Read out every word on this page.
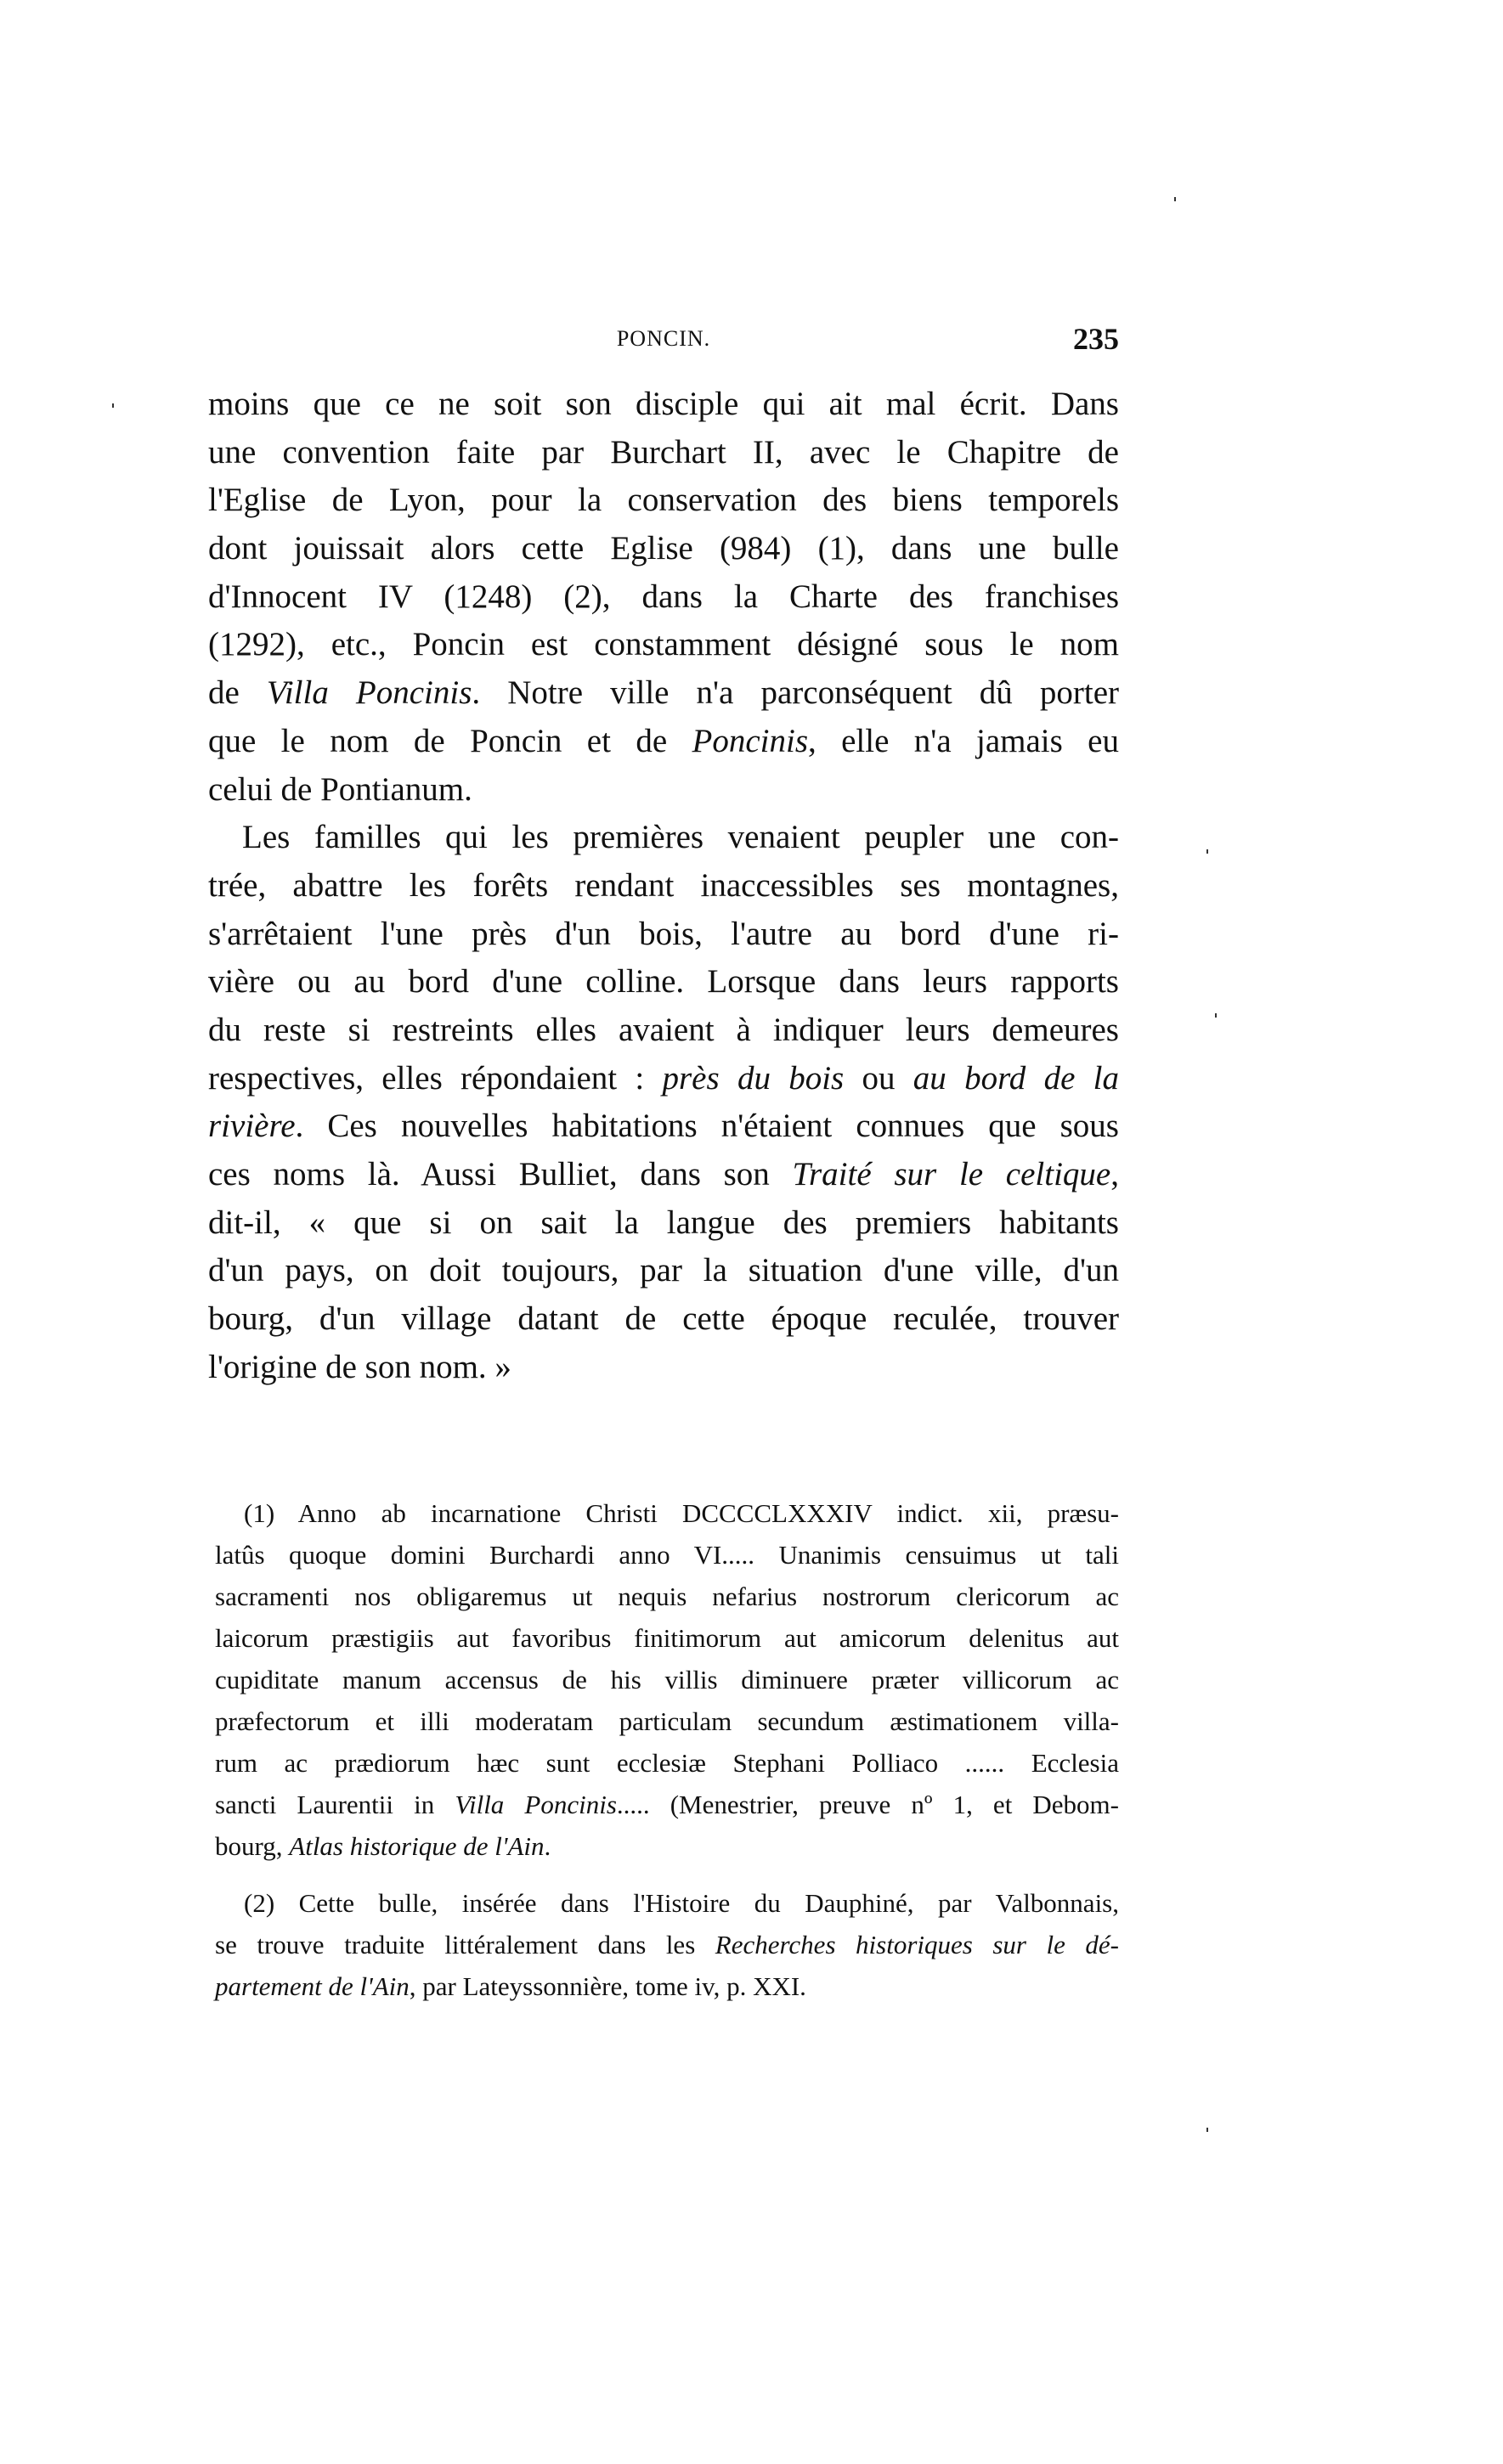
PONCIN.	235
moins que ce ne soit son disciple qui ait mal écrit. Dans
une convention faite par Burchart II, avec le Chapitre de
l'Eglise de Lyon, pour la conservation des biens temporels
dont jouissait alors cette Eglise (984) (1), dans une bulle
d'Innocent IV (1248) (2), dans la Charte des franchises
(1292), etc., Poncin est constamment désigné sous le nom
de Villa Poncinis. Notre ville n'a parconséquent dû porter
que le nom de Poncin et de Poncinis, elle n'a jamais eu
celui de Pontianum.
Les familles qui les premières venaient peupler une con-
trée, abattre les forêts rendant inaccessibles ses montagnes,
s'arrêtaient l'une près d'un bois, l'autre au bord d'une ri-
vière ou au bord d'une colline. Lorsque dans leurs rapports
du reste si restreints elles avaient à indiquer leurs demeures
respectives, elles répondaient : près du bois ou au bord de la
rivière. Ces nouvelles habitations n'étaient connues que sous
ces noms là. Aussi Bulliet, dans son Traité sur le celtique,
dit-il, « que si on sait la langue des premiers habitants
d'un pays, on doit toujours, par la situation d'une ville, d'un
bourg, d'un village datant de cette époque reculée, trouver
l'origine de son nom. »
(1) Anno ab incarnatione Christi DCCCCLXXXIV indict. xii, præsu-
latûs quoque domini Burchardi anno VI..... Unanimis censuimus ut tali
sacramenti nos obligaremus ut nequis nefarius nostrorum clericorum ac
laicorum præstigiis aut favoribus finitimorum aut amicorum delenitus aut
cupiditate manum accensus de his villis diminuere præter villicorum ac
præfectorum et illi moderatam particulam secundum æstimationem villa-
rum ac prædiorum hæc sunt ecclesiæ Stephani Polliaco ...... Ecclesia
sancti Laurentii in Villa Poncinis..... (Menestrier, preuve nº 1, et Debom-
bourg, Atlas historique de l'Ain.
(2) Cette bulle, insérée dans l'Histoire du Dauphiné, par Valbonnais,
se trouve traduite littéralement dans les Recherches historiques sur le dé-
partement de l'Ain, par Lateyssonnière, tome iv, p. XXI.
